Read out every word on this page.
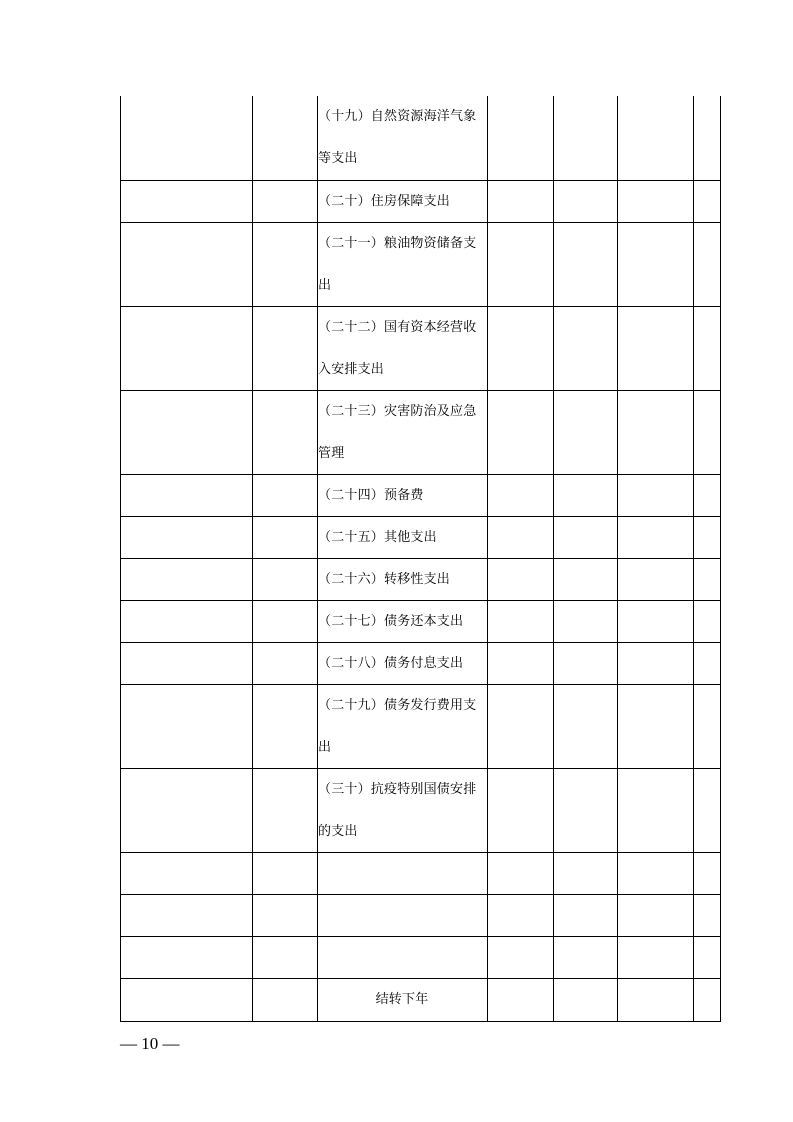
（十九）自然资源海洋气象等支出
（二十）住房保障支出
（二十一）粮油物资储备支出
（二十二）国有资本经营收入安排支出
（二十三）灾害防治及应急管理
（二十四）预备费
（二十五）其他支出
（二十六）转移性支出
（二十七）债务还本支出
（二十八）债务付息支出
（二十九）债务发行费用支出
（三十）抗疫特别国债安排的支出
结转下年
— 10 —
